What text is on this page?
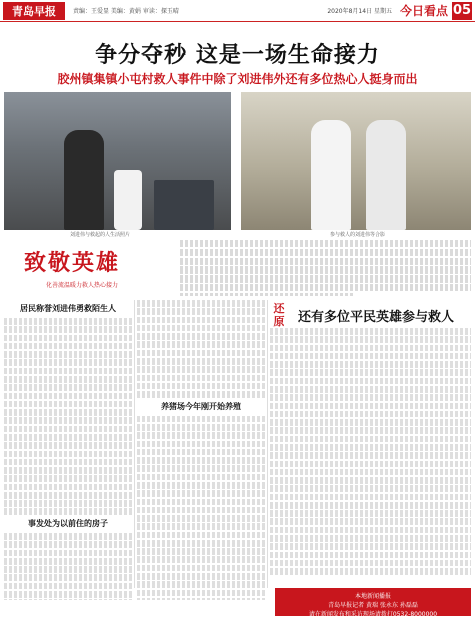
青岛早报	责编：王爱显 美编：黄娟 审读：探玉晴	2020年8月14日 星期五 今日看点 05
争分夺秒 这是一场生命接力
胶州镇集镇小屯村救人事件中除了刘进伟外还有多位热心人挺身而出
刘进伟与救起的人生活照片	参与救人的刘进伟等合影
致敬英雄
化善流温暖力救人热心接力
居民称誉刘进伟勇救陌生人
事发处为以前住的房子
养猪场今年刚开始养殖
还原 还有多位平民英雄参与救人
本地新闻播报
青岛早报记者 黄瑞 张永东 孙磊磊
请在新闻发布和采访现场请拨打0532-8000000
